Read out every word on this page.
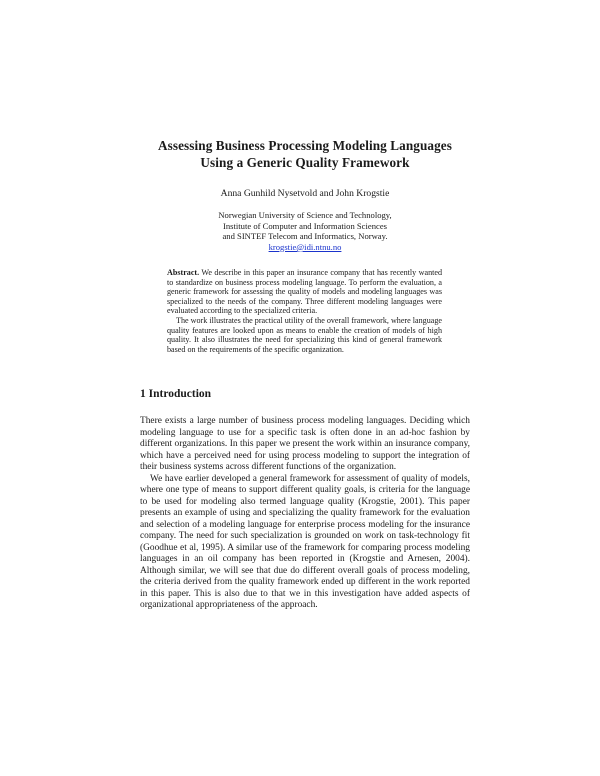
Assessing Business Processing Modeling Languages
Using a Generic Quality Framework
Anna Gunhild Nysetvold and John Krogstie
Norwegian University of Science and Technology,
Institute of Computer and Information Sciences
and SINTEF Telecom and Informatics, Norway.
krogstie@idi.ntnu.no

Abstract. We describe in this paper an insurance company that has recently wanted to standardize on business process modeling language. To perform the evaluation, a generic framework for assessing the quality of models and modeling languages was specialized to the needs of the company. Three different modeling languages were evaluated according to the specialized criteria.

The work illustrates the practical utility of the overall framework, where language quality features are looked upon as means to enable the creation of models of high quality. It also illustrates the need for specializing this kind of general framework based on the requirements of the specific organization.

1 Introduction

There exists a large number of business process modeling languages. Deciding which modeling language to use for a specific task is often done in an ad-hoc fashion by different organizations. In this paper we present the work within an insurance company, which have a perceived need for using process modeling to support the integration of their business systems across different functions of the organization.

We have earlier developed a general framework for assessment of quality of models, where one type of means to support different quality goals, is criteria for the language to be used for modeling also termed language quality (Krogstie, 2001). This paper presents an example of using and specializing the quality framework for the evaluation and selection of a modeling language for enterprise process modeling for the insurance company. The need for such specialization is grounded on work on task-technology fit (Goodhue et al, 1995). A similar use of the framework for comparing process modeling languages in an oil company has been reported in (Krogstie and Arnesen, 2004). Although similar, we will see that due do different overall goals of process modeling, the criteria derived from the quality framework ended up different in the work reported in this paper. This is also due to that we in this investigation have added aspects of organizational appropriateness of the approach.
